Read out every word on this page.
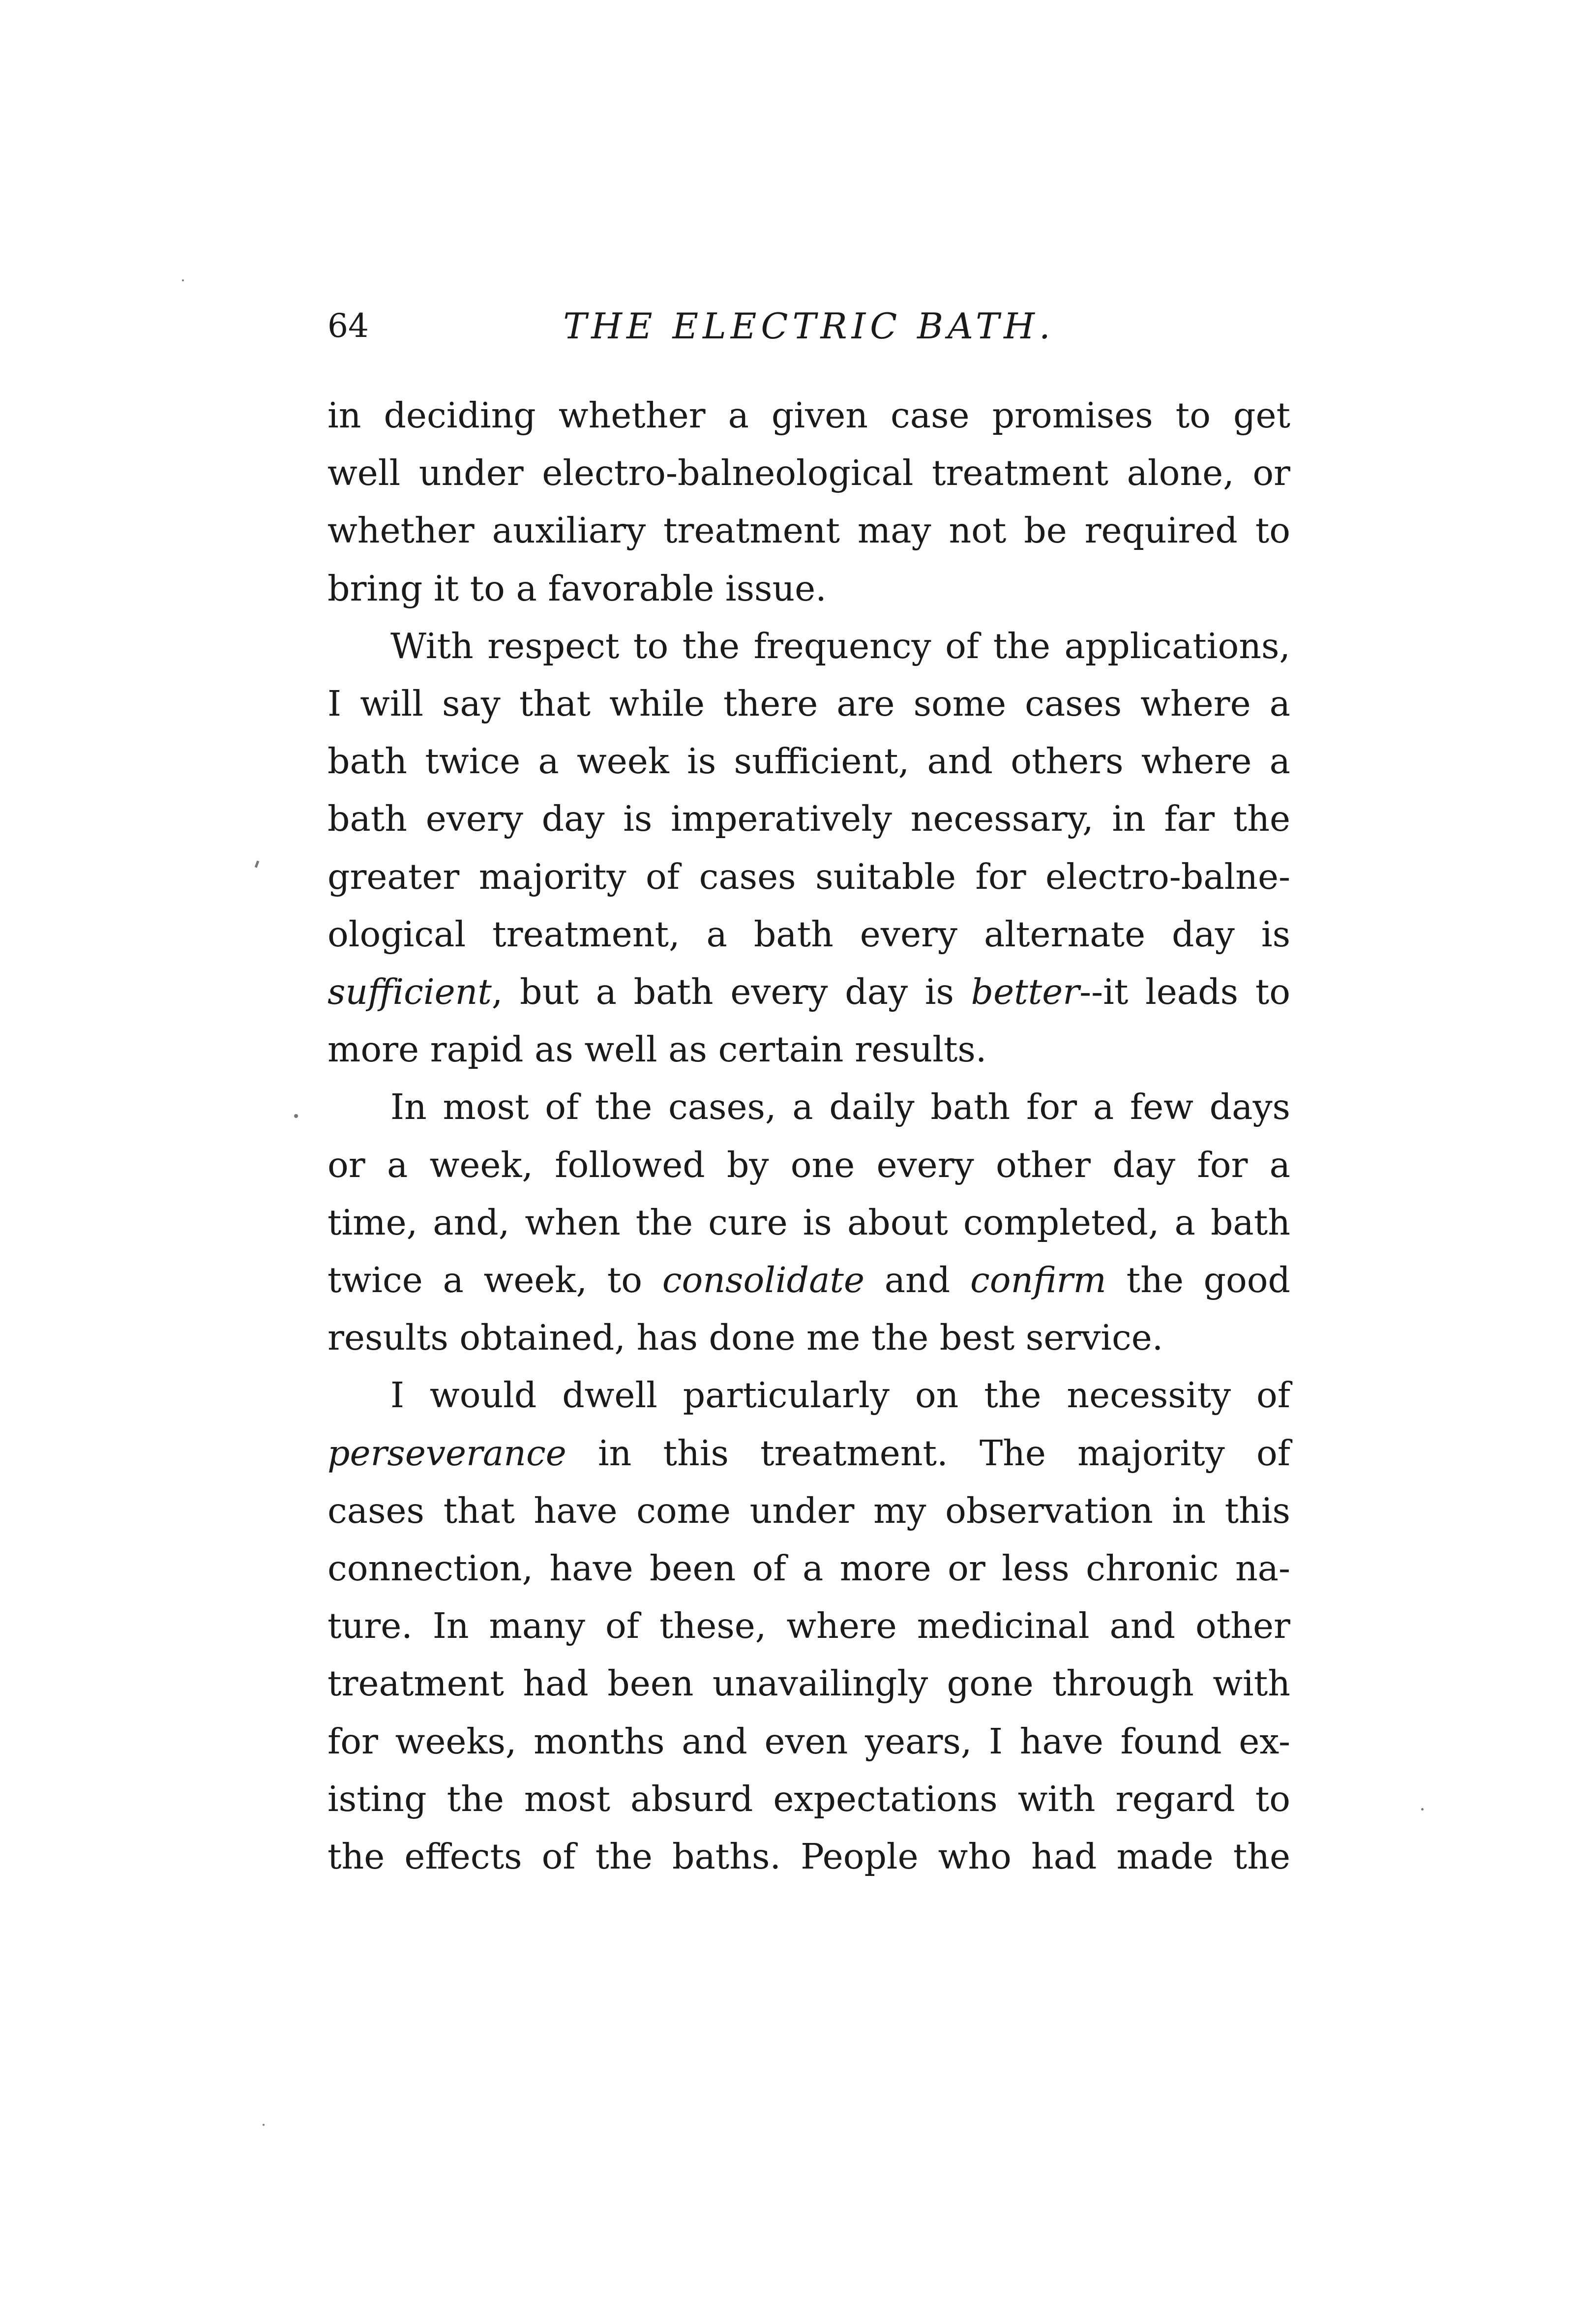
64	THE ELECTRIC BATH.

in deciding whether a given case promises to get
well under electro-balneological treatment alone, or
whether auxiliary treatment may not be required to
bring it to a favorable issue.

With respect to the frequency of the applications,
I will say that while there are some cases where a
bath twice a week is sufficient, and others where a
bath every day is imperatively necessary, in far the
greater majority of cases suitable for electro-balne-
ological treatment, a bath every alternate day is
sufficient, but a bath every day is better--it leads to
more rapid as well as certain results.

In most of the cases, a daily bath for a few days
or a week, followed by one every other day for a
time, and, when the cure is about completed, a bath
twice a week, to consolidate and confirm the good
results obtained, has done me the best service.

I would dwell particularly on the necessity of
perseverance in this treatment. The majority of
cases that have come under my observation in this
connection, have been of a more or less chronic na-
ture. In many of these, where medicinal and other
treatment had been unavailingly gone through with
for weeks, months and even years, I have found ex-
isting the most absurd expectations with regard to
the effects of the baths. People who had made the
